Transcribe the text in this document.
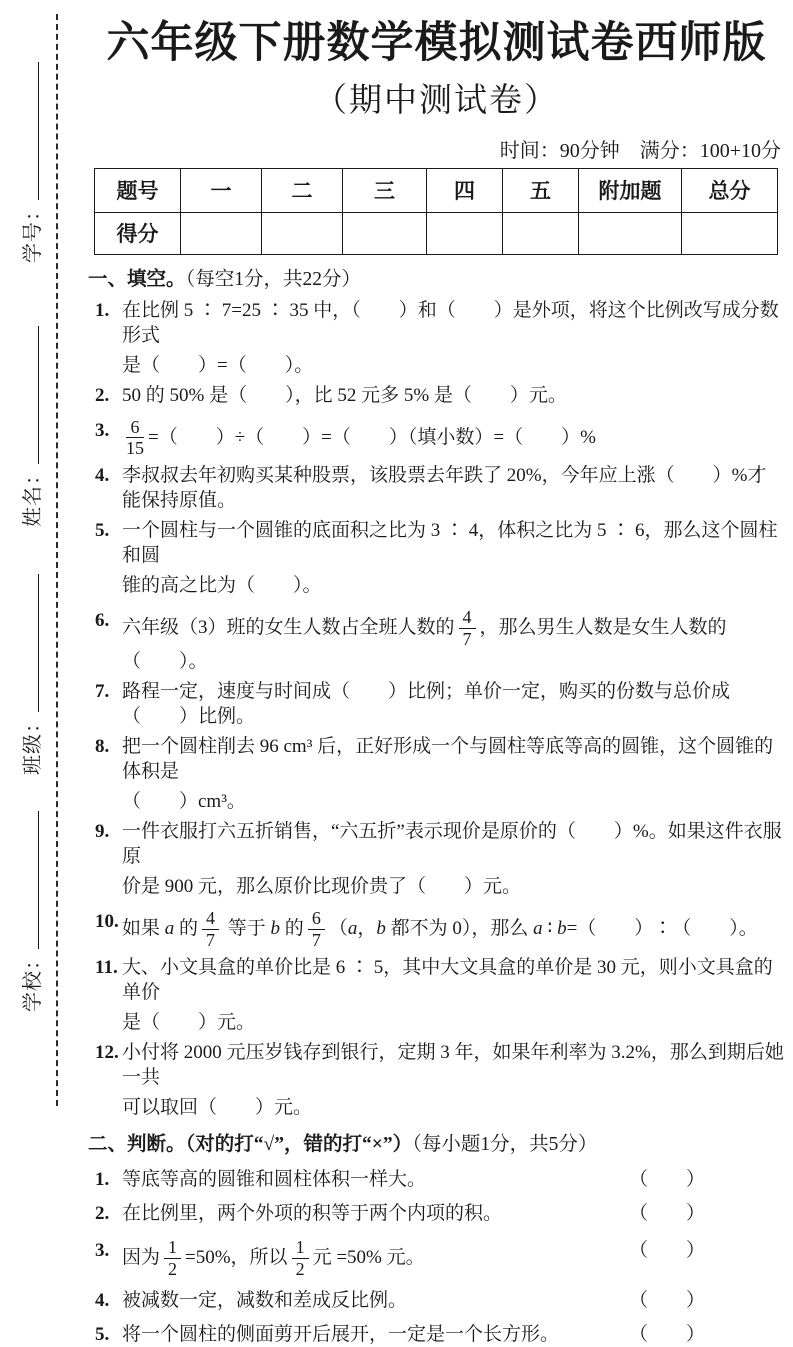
学号：
姓名：
班级：
学校：
六年级下册数学模拟测试卷西师版
（期中测试卷）
时间：90分钟　满分：100+10分
题号	一	二	三	四	五	附加题	总分
得分							
一、填空。（每空1分，共22分）
1. 在比例 5 ∶ 7=25 ∶ 35 中，（　　）和（　　）是外项，将这个比例改写成分数形式
是（　　）=（　　）。
2. 50 的 50% 是（　　），比 52 元多 5% 是（　　）元。
3. $\frac{6}{15}$ =（　　）÷（　　）=（　　）（填小数）=（　　）%
4. 李叔叔去年初购买某种股票，该股票去年跌了 20%，今年应上涨（　　）%才能保持原值。
5. 一个圆柱与一个圆锥的底面积之比为 3 ∶ 4，体积之比为 5 ∶ 6，那么这个圆柱和圆
锥的高之比为（　　）。
6. 六年级（3）班的女生人数占全班人数的 $\frac{4}{7}$ ，那么男生人数是女生人数的（　　）。
7. 路程一定，速度与时间成（　　）比例；单价一定，购买的份数与总价成（　　）比例。
8. 把一个圆柱削去 96 cm³ 后，正好形成一个与圆柱等底等高的圆锥，这个圆锥的体积是
（　　）cm³。
9. 一件衣服打六五折销售，“六五折”表示现价是原价的（　　）%。如果这件衣服原
价是 900 元，那么原价比现价贵了（　　）元。
10. 如果 a 的 $\frac{4}{7}$ 等于 b 的 $\frac{6}{7} (a$，b 都不为 0），那么 a ∶ b=（　　）∶（　　）。
11. 大、小文具盒的单价比是 6 ∶ 5，其中大文具盒的单价是 30 元，则小文具盒的单价
是（　　）元。
12. 小付将 2000 元压岁钱存到银行，定期 3 年，如果年利率为 3.2%，那么到期后她一共
可以取回（　　）元。
二、判断。（对的打“√”，错的打“×”）（每小题1分，共5分）
1. 等底等高的圆锥和圆柱体积一样大。	（　　）
2. 在比例里，两个外项的积等于两个内项的积。	（　　）
3. 因为 $\frac{1}{2} =50\%$，所以 $\frac{1}{2}$ 元 =50% 元。	（　　）
4. 被减数一定，减数和差成反比例。	（　　）
5. 将一个圆柱的侧面剪开后展开，一定是一个长方形。	（　　）
